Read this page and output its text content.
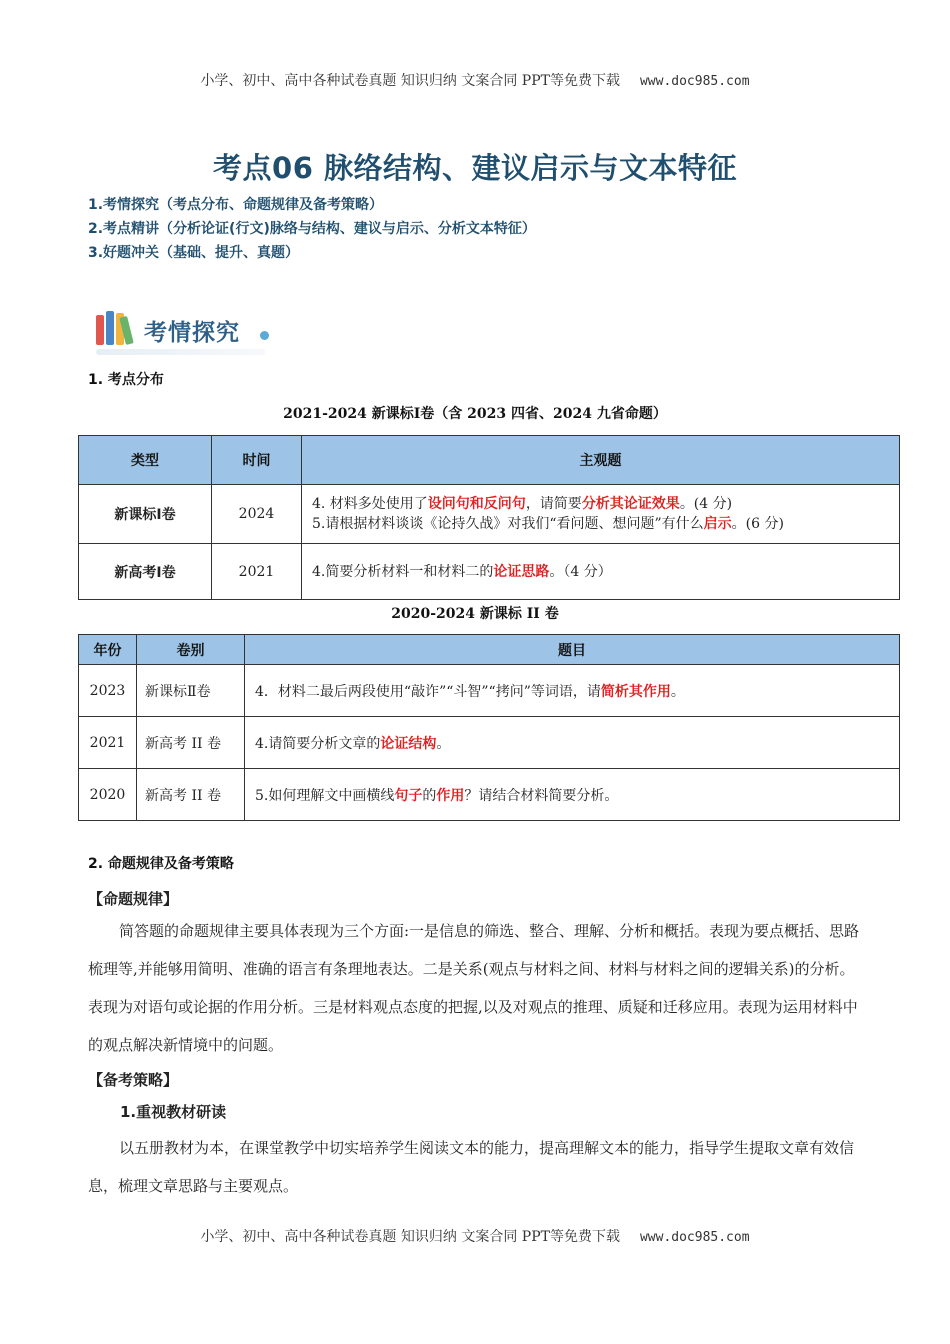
小学、初中、高中各种试卷真题 知识归纳 文案合同 PPT等免费下载 www.doc985.com
考点06 脉络结构、建议启示与文本特征
1.考情探究（考点分布、命题规律及备考策略）
2.考点精讲（分析论证(行文)脉络与结构、建议与启示、分析文本特征）
3.好题冲关（基础、提升、真题）
考情探究
1. 考点分布
2021-2024 新课标Ⅰ卷（含 2023 四省、2024 九省命题）
类型	时间	主观题
新课标Ⅰ卷	2024	4. 材料多处使用了设问句和反问句，请简要分析其论证效果。(4 分)
5.请根据材料谈谈《论持久战》对我们“看问题、想问题”有什么启示。(6 分)

新高考Ⅰ卷	2021	4.简要分析材料一和材料二的论证思路。（4 分）
2020-2024 新课标 II 卷
年份	卷别	题目
2023	新课标Ⅱ卷	4．材料二最后两段使用“敲诈”“斗智”“拷问”等词语，请简析其作用。
2021	新高考 II 卷	4.请简要分析文章的论证结构。
2020	新高考 II 卷	5.如何理解文中画横线句子的作用？请结合材料简要分析。
2. 命题规律及备考策略
【命题规律】
简答题的命题规律主要具体表现为三个方面:一是信息的筛选、整合、理解、分析和概括。表现为要点概括、思路梳理等,并能够用简明、准确的语言有条理地表达。二是关系(观点与材料之间、材料与材料之间的逻辑关系)的分析。表现为对语句或论据的作用分析。三是材料观点态度的把握,以及对观点的推理、质疑和迁移应用。表现为运用材料中的观点解决新情境中的问题。
【备考策略】
1.重视教材研读
以五册教材为本，在课堂教学中切实培养学生阅读文本的能力，提高理解文本的能力，指导学生提取文章有效信息，梳理文章思路与主要观点。
小学、初中、高中各种试卷真题 知识归纳 文案合同 PPT等免费下载 www.doc985.com
